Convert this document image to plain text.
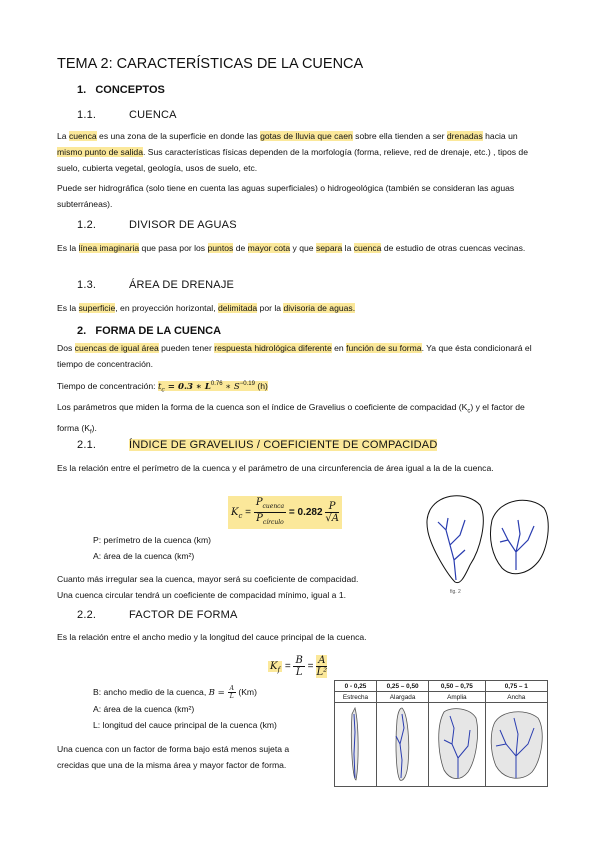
TEMA 2: CARACTERÍSTICAS DE LA CUENCA
1. CONCEPTOS
1.1.	CUENCA
La cuenca es una zona de la superficie en donde las gotas de lluvia que caen sobre ella tienden a ser drenadas hacia un mismo punto de salida. Sus características físicas dependen de la morfología (forma, relieve, red de drenaje, etc.) , tipos de suelo, cubierta vegetal, geología, usos de suelo, etc.
Puede ser hidrográfica (solo tiene en cuenta las aguas superficiales) o hidrogeológica (también se consideran las aguas subterráneas).
1.2.	DIVISOR DE AGUAS
Es la línea imaginaria que pasa por los puntos de mayor cota y que separa la cuenca de estudio de otras cuencas vecinas.
1.3.	ÁREA DE DRENAJE
Es la superficie, en proyección horizontal, delimitada por la divisoria de aguas.
2. FORMA DE LA CUENCA
Dos cuencas de igual área pueden tener respuesta hidrológica diferente en función de su forma. Ya que ésta condicionará el tiempo de concentración.
Tiempo de concentración: $t_c = 0.3$ ∗ $L^{0.76}$ ∗ $S^{-0.19}$ (h)
Los parámetros que miden la forma de la cuenca son el índice de Gravelius o coeficiente de compacidad $(K_c)$ y el factor de forma $(K_f)$.
2.1.	ÍNDICE DE GRAVELIUS / COEFICIENTE DE COMPACIDAD
Es la relación entre el perímetro de la cuenca y el parámetro de una circunferencia de área igual a la de la cuenca.
$K_c = \frac{P_{cuenca}}{P_{círculo}} = 0.282 \frac{P}{√A}$
P: perímetro de la cuenca (km)
A: área de la cuenca (km²)
Cuanto más irregular sea la cuenca, mayor será su coeficiente de compacidad.
Una cuenca circular tendrá un coeficiente de compacidad mínimo, igual a 1.	fig. 2
2.2.	FACTOR DE FORMA
Es la relación entre el ancho medio y la longitud del cauce principal de la cuenca.
$K_f = \frac{B}{L} = \frac{A}{\text{L²}}$
B: ancho medio de la cuenca, $B = \frac{A}{L} (Km)$
A: área de la cuenca (km²)
L: longitud del cauce principal de la cuenca (km)
Una cuenca con un factor de forma bajo está menos sujeta a crecidas que una de la misma área y mayor factor de forma.
0 - 0,25	0,25 – 0,50	0,50 – 0,75	0,75 – 1
Estrecha	Alargada	Amplia	Ancha
